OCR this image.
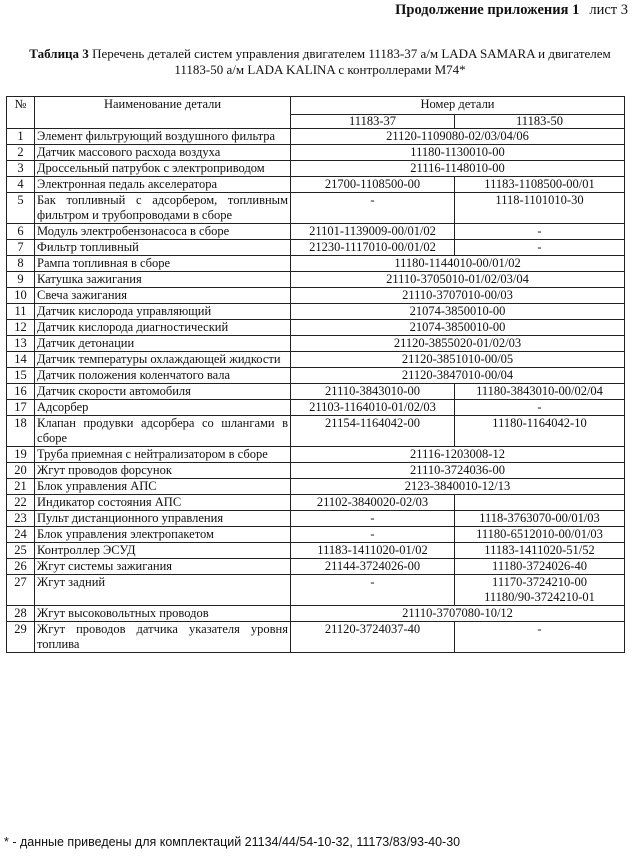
Продолжение приложения 1 лист 3
Таблица 3 Перечень деталей систем управления двигателем 11183-37 а/м LADA SAMARA и двигателем 11183-50 а/м LADA KALINA с контроллерами М74*
№	Наименование детали	Номер детали	
		11183-37	11183-50
1	Элемент фильтрующий воздушного фильтра	21120-1109080-02/03/04/06	
2	Датчик массового расхода воздуха	11180-1130010-00	
3	Дроссельный патрубок с электроприводом	21116-1148010-00	
4	Электронная педаль акселератора	21700-1108500-00	11183-1108500-00/01

5	Бак топливный с адсорбером, топливным фильтром и трубопроводами в сборе	-	1118-1101010-30

6	Модуль электробензонасоса в сборе	21101-1139009-00/01/02	-

7	Фильтр топливный	21230-1117010-00/01/02	-

8	Рампа топливная в сборе	11180-1144010-00/01/02	
9	Катушка зажигания	21110-3705010-01/02/03/04	
10	Свеча зажигания	21110-3707010-00/03	
11	Датчик кислорода управляющий	21074-3850010-00	
12	Датчик кислорода диагностический	21074-3850010-00	
13	Датчик детонации	21120-3855020-01/02/03	
14	Датчик температуры охлаждающей жидкости	21120-3851010-00/05	
15	Датчик положения коленчатого вала	21120-3847010-00/04	
16	Датчик скорости автомобиля	21110-3843010-00	11180-3843010-00/02/04

17	Адсорбер	21103-1164010-01/02/03	-

18	Клапан продувки адсорбера со шлангами в сборе	21154-1164042-00	11180-1164042-10

19	Труба приемная с нейтрализатором в сборе	21116-1203008-12	
20	Жгут проводов форсунок	21110-3724036-00	
21	Блок управления АПС	2123-3840010-12/13	
22	Индикатор состояния АПС	21102-3840020-02/03	

23	Пульт дистанционного управления	-	1118-3763070-00/01/03

24	Блок управления электропакетом	-	11180-6512010-00/01/03

25	Контроллер ЭСУД	11183-1411020-01/02	11183-1411020-51/52

26	Жгут системы зажигания	21144-3724026-00	11180-3724026-40

27	Жгут задний	-	11170-3724210-00
11180/90-3724210-01

28	Жгут высоковольтных проводов	21110-3707080-10/12	
29	Жгут проводов датчика указателя уровня топлива	21120-3724037-40	-
* - данные приведены для комплектаций 21134/44/54-10-32, 11173/83/93-40-30
